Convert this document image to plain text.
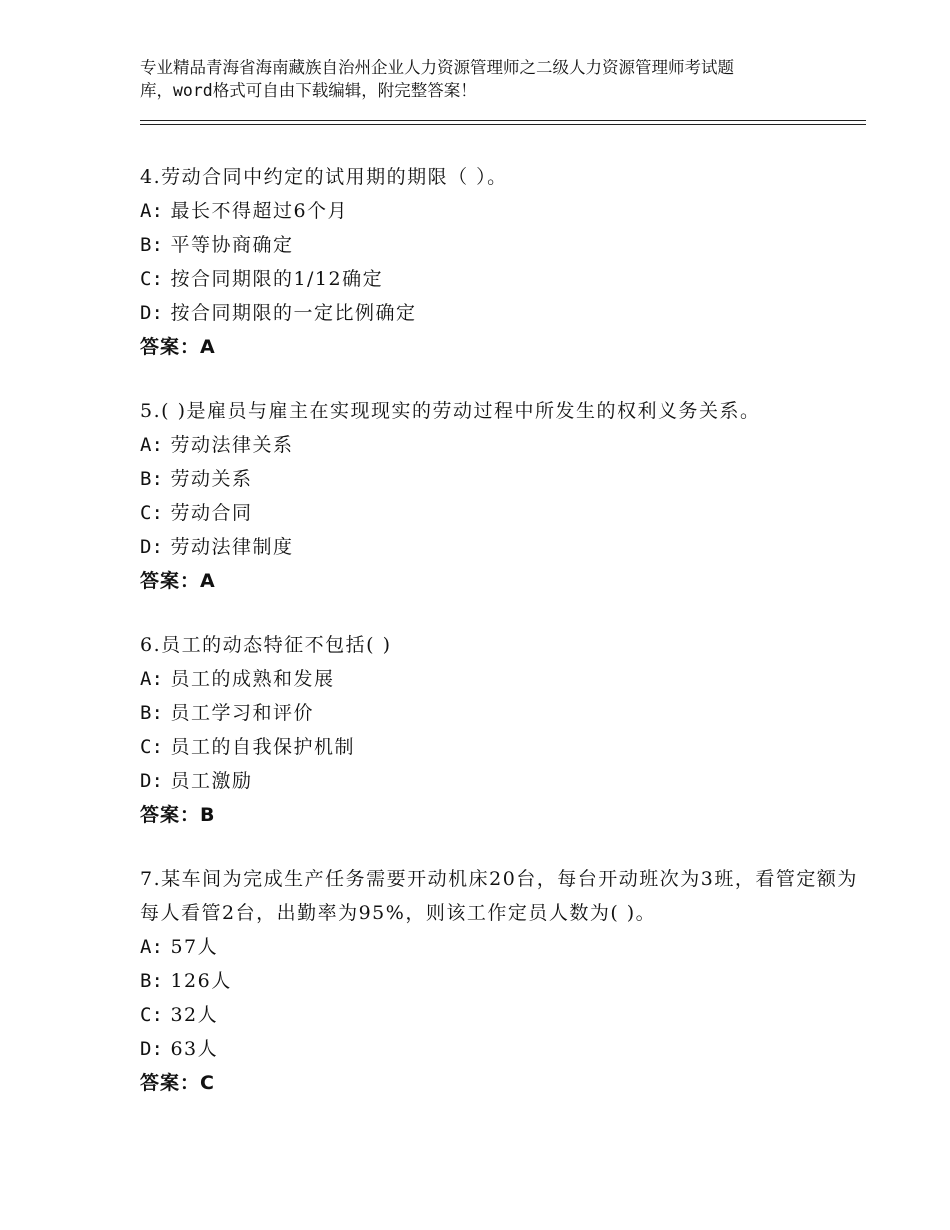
专业精品青海省海南藏族自治州企业人力资源管理师之二级人力资源管理师考试题
库，word格式可自由下载编辑，附完整答案！
4.劳动合同中约定的试用期的期限（ ）。
A: 最长不得超过6个月
B: 平等协商确定
C: 按合同期限的1/12确定
D: 按合同期限的一定比例确定
答案：A
5.( )是雇员与雇主在实现现实的劳动过程中所发生的权利义务关系。
A: 劳动法律关系
B: 劳动关系
C: 劳动合同
D: 劳动法律制度
答案：A
6.员工的动态特征不包括( )
A: 员工的成熟和发展
B: 员工学习和评价
C: 员工的自我保护机制
D: 员工激励
答案：B
7.某车间为完成生产任务需要开动机床20台，每台开动班次为3班，看管定额为每人看管2台，出勤率为95%，则该工作定员人数为( )。
A: 57人
B: 126人
C: 32人
D: 63人
答案：C
